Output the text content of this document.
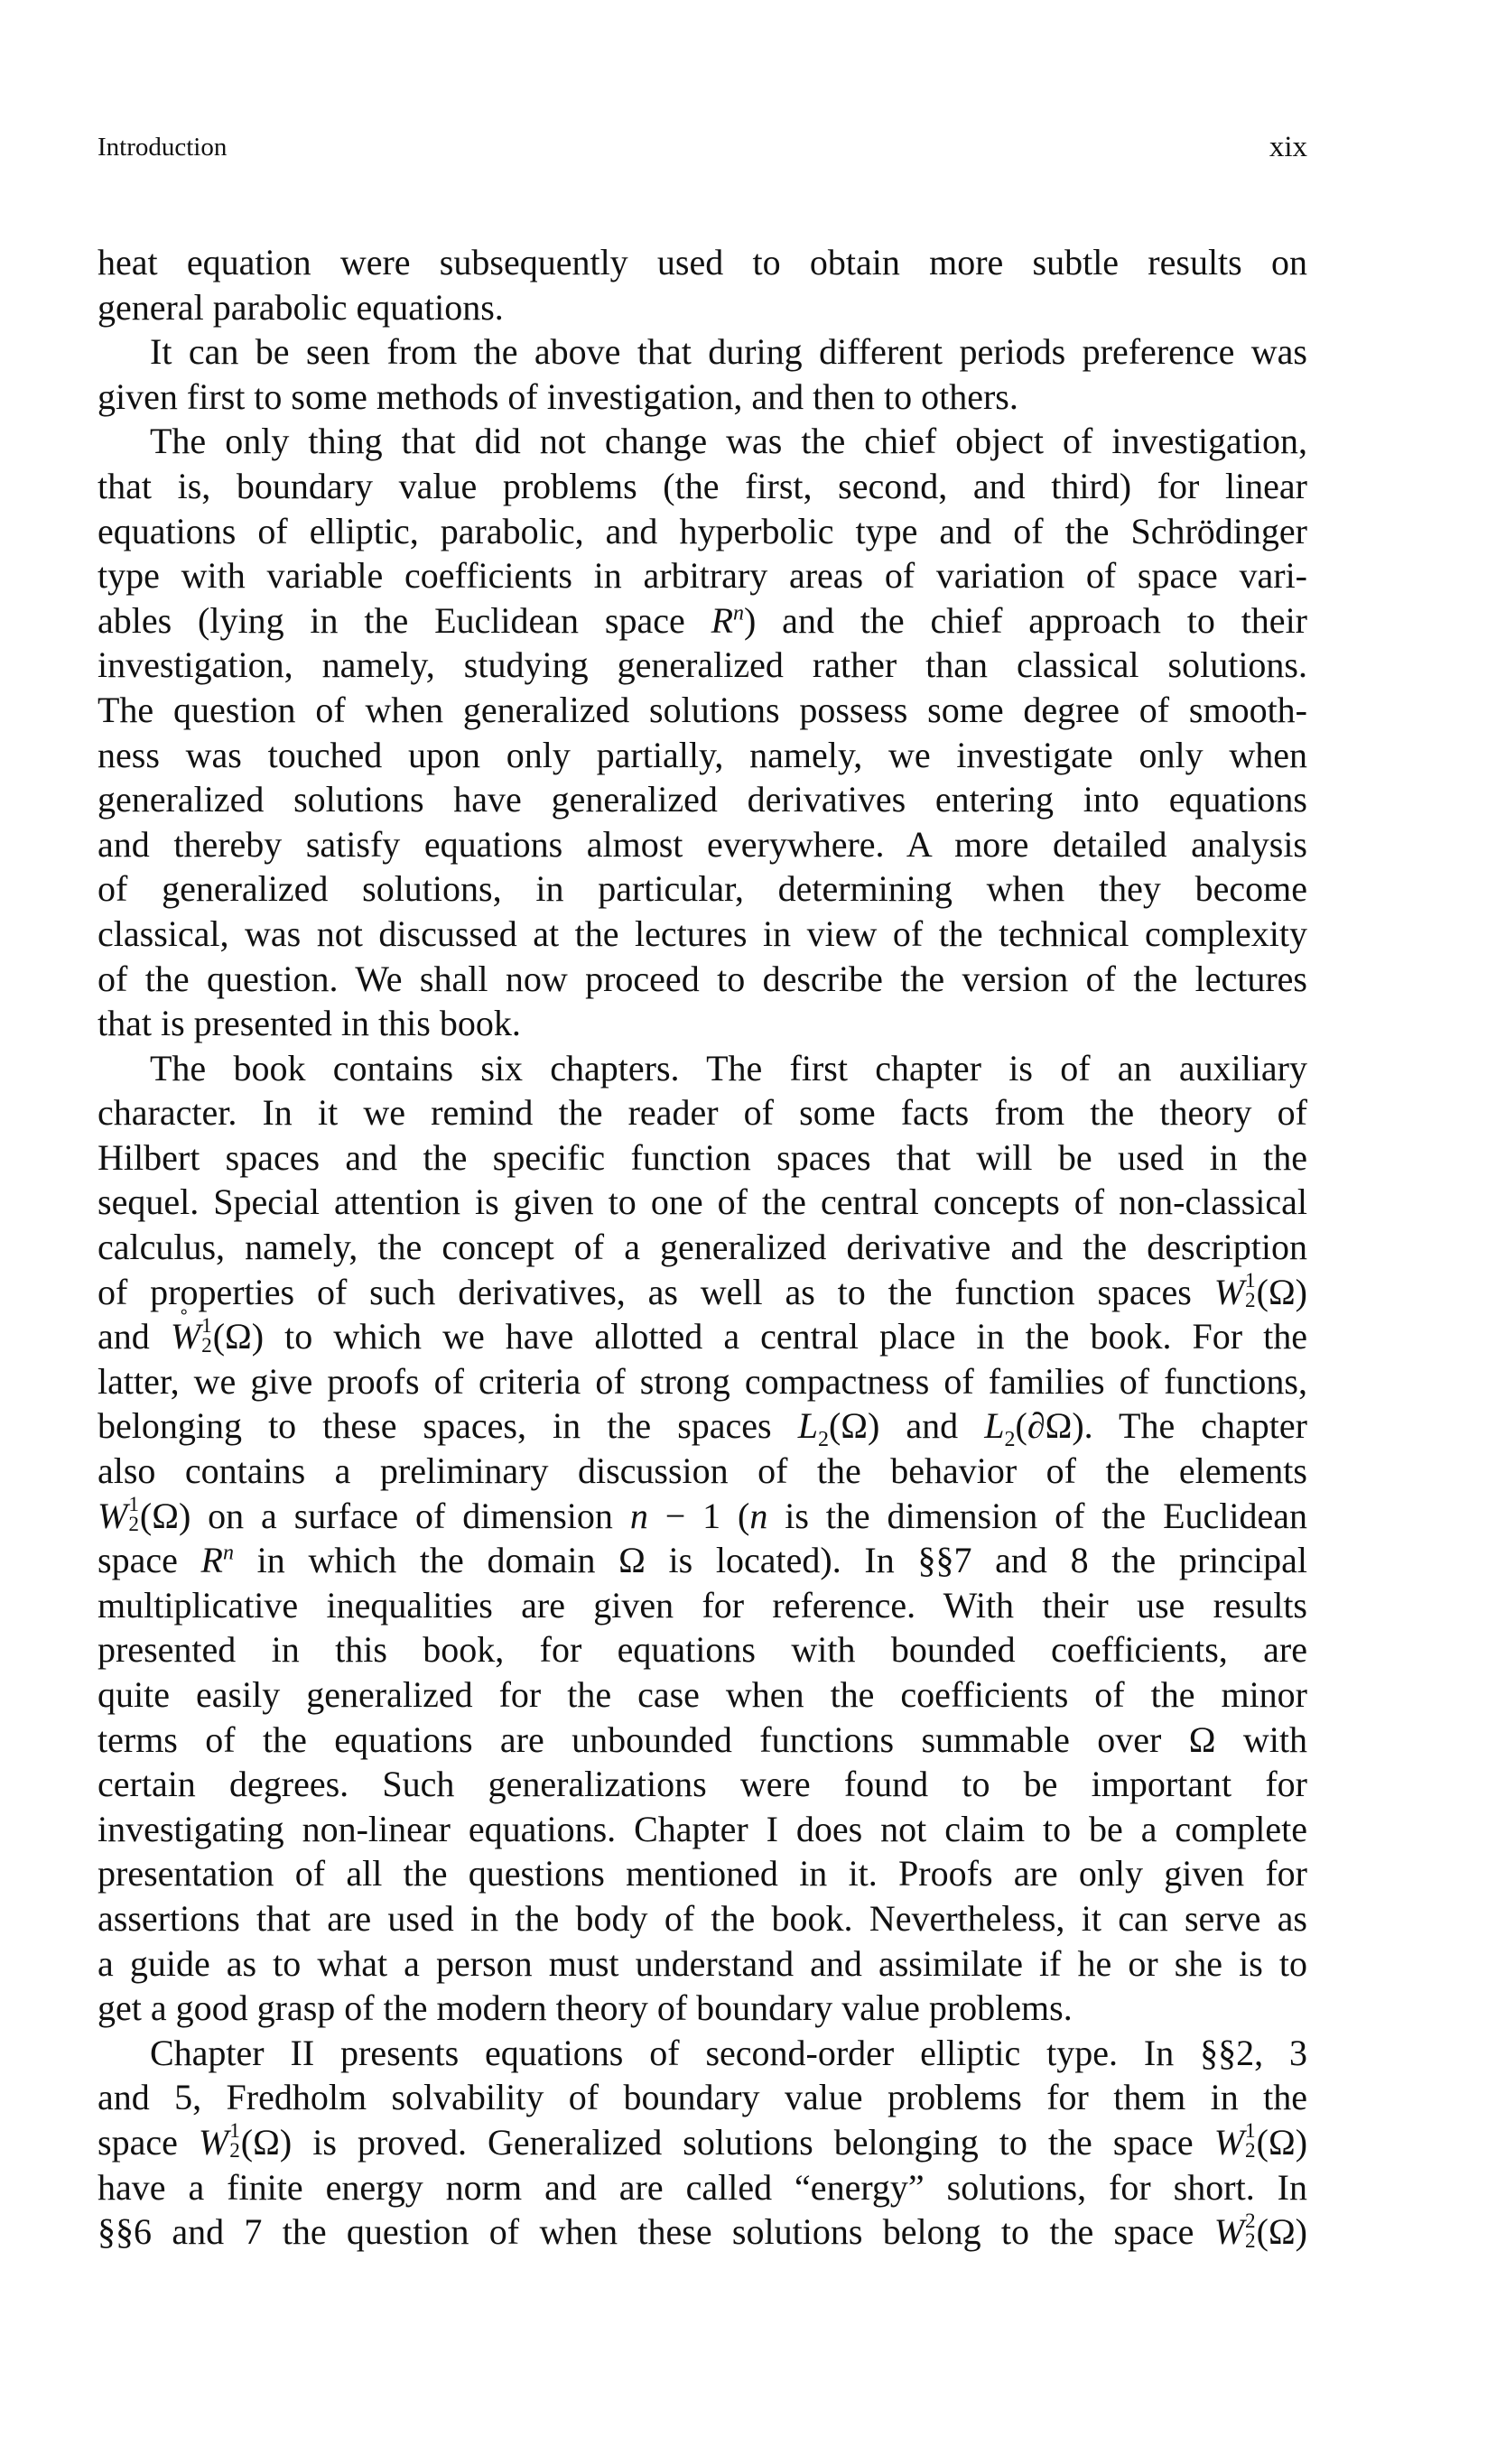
Introduction	xix
heat equation were subsequently used to obtain more subtle results on
general parabolic equations.
It can be seen from the above that during different periods preference was
given first to some methods of investigation, and then to others.
The only thing that did not change was the chief object of investigation,
that is, boundary value problems (the first, second, and third) for linear
equations of elliptic, parabolic, and hyperbolic type and of the Schrödinger
type with variable coefficients in arbitrary areas of variation of space vari-
ables (lying in the Euclidean space $R^n$) and the chief approach to their
investigation, namely, studying generalized rather than classical solutions.
The question of when generalized solutions possess some degree of smooth-
ness was touched upon only partially, namely, we investigate only when
generalized solutions have generalized derivatives entering into equations
and thereby satisfy equations almost everywhere. A more detailed analysis
of generalized solutions, in particular, determining when they become
classical, was not discussed at the lectures in view of the technical complexity
of the question. We shall now proceed to describe the version of the lectures
that is presented in this book.
The book contains six chapters. The first chapter is of an auxiliary
character. In it we remind the reader of some facts from the theory of
Hilbert spaces and the specific function spaces that will be used in the
sequel. Special attention is given to one of the central concepts of non-classical
calculus, namely, the concept of a generalized derivative and the description
of properties of such derivatives, as well as to the function spaces W 1
2 (Ω)
and ˚ W 1
2 (Ω) to which we have allotted a central place in the book. For the
latter, we give proofs of criteria of strong compactness of families of functions,
belonging to these spaces, in the spaces $L_2(\Omega)$ and $L_2(\partial\Omega)$. The chapter
also contains a preliminary discussion of the behavior of the elements
W 1
2 (Ω) on a surface of dimension n − 1 (n is the dimension of the Euclidean
space $R^n$ in which the domain Ω is located). In §§7 and 8 the principal
multiplicative inequalities are given for reference. With their use results
presented in this book, for equations with bounded coefficients, are
quite easily generalized for the case when the coefficients of the minor
terms of the equations are unbounded functions summable over Ω with
certain degrees. Such generalizations were found to be important for
investigating non-linear equations. Chapter I does not claim to be a complete
presentation of all the questions mentioned in it. Proofs are only given for
assertions that are used in the body of the book. Nevertheless, it can serve as
a guide as to what a person must understand and assimilate if he or she is to
get a good grasp of the modern theory of boundary value problems.
Chapter II presents equations of second-order elliptic type. In §§2, 3
and 5, Fredholm solvability of boundary value problems for them in the
space W 1
2 (Ω) is proved. Generalized solutions belonging to the space W 1
2 (Ω)
have a finite energy norm and are called “energy” solutions, for short. In
§§6 and 7 the question of when these solutions belong to the space W 2
2 (Ω)
